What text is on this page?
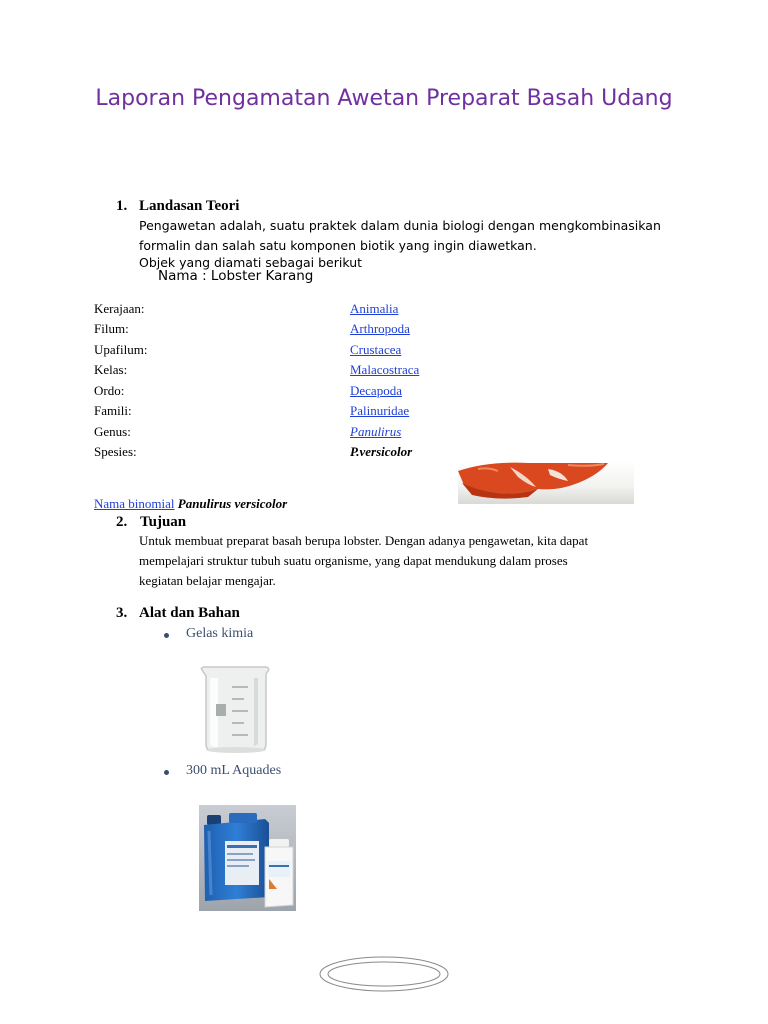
Laporan Pengamatan Awetan Preparat Basah Udang
1. Landasan Teori
Pengawetan adalah, suatu praktek dalam dunia biologi dengan mengkombinasikan
formalin dan salah satu komponen biotik yang ingin diawetkan.
Objek yang diamati sebagai berikut
Nama : Lobster Karang
Kerajaan:	Animalia
Filum:	Arthropoda
Upafilum:	Crustacea
Kelas:	Malacostraca
Ordo:	Decapoda
Famili:	Palinuridae
Genus:	Panulirus
Spesies:	P.versicolor
Nama binomial Panulirus versicolor
2. Tujuan
Untuk membuat preparat basah berupa lobster. Dengan adanya pengawetan, kita dapat
mempelajari struktur tubuh suatu organisme, yang dapat mendukung dalam proses
kegiatan belajar mengajar.
3. Alat dan Bahan
Gelas kimia
300 mL Aquades
